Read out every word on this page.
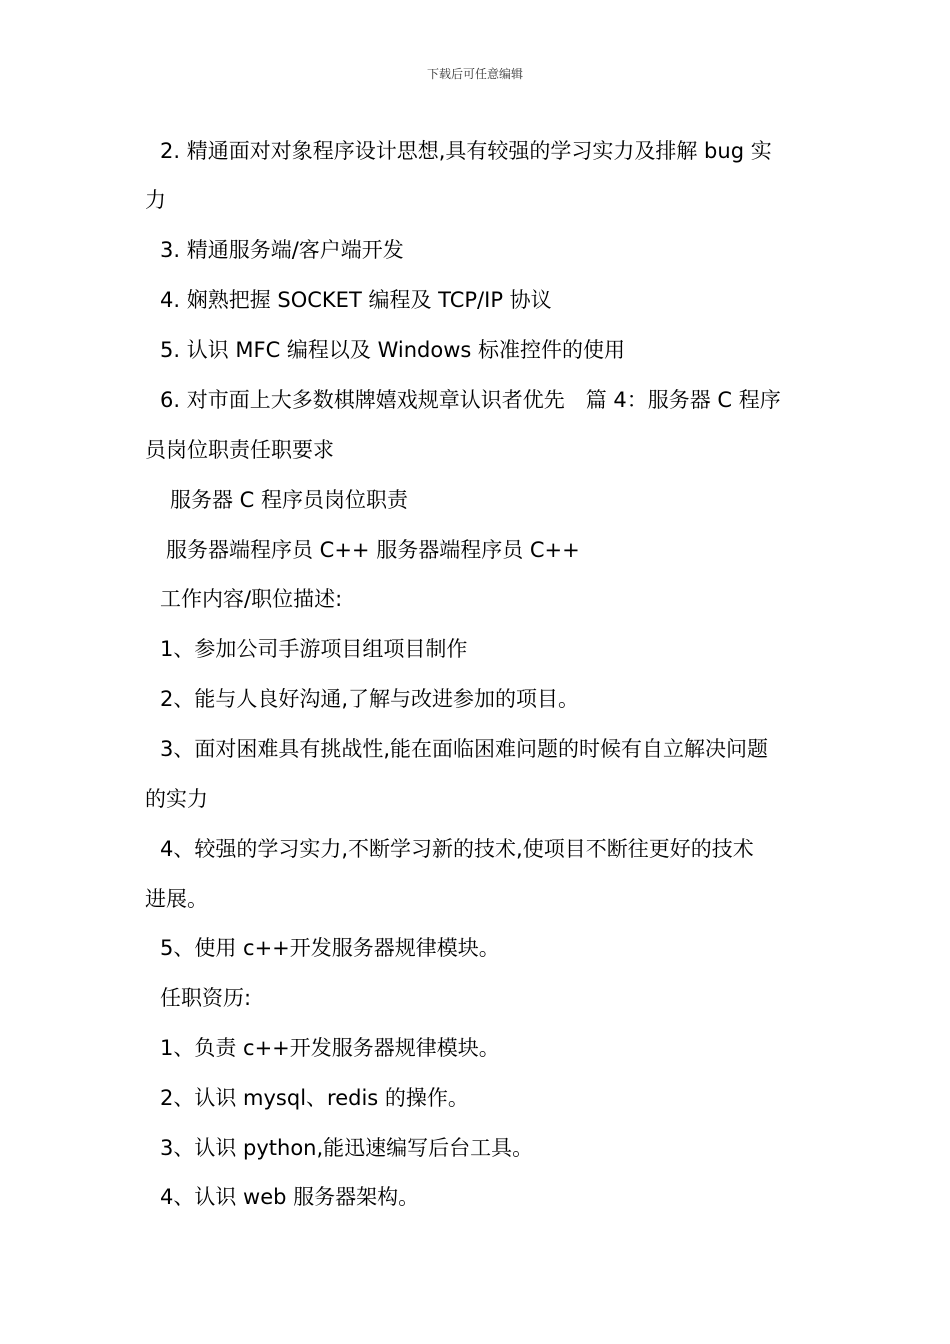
下载后可任意编辑
2. 精通面对对象程序设计思想,具有较强的学习实力及排解 bug 实
力
3. 精通服务端/客户端开发
4. 娴熟把握 SOCKET 编程及 TCP/IP 协议
5. 认识 MFC 编程以及 Windows 标准控件的使用
6. 对市面上大多数棋牌嬉戏规章认识者优先　篇 4：服务器 C 程序
员岗位职责任职要求
服务器 C 程序员岗位职责
服务器端程序员 C++ 服务器端程序员 C++
工作内容/职位描述:
1、参加公司手游项目组项目制作
2、能与人良好沟通,了解与改进参加的项目。
3、面对困难具有挑战性,能在面临困难问题的时候有自立解决问题
的实力
4、较强的学习实力,不断学习新的技术,使项目不断往更好的技术
进展。
5、使用 c++开发服务器规律模块。
任职资历:
1、负责 c++开发服务器规律模块。
2、认识 mysql、redis 的操作。
3、认识 python,能迅速编写后台工具。
4、认识 web 服务器架构。
